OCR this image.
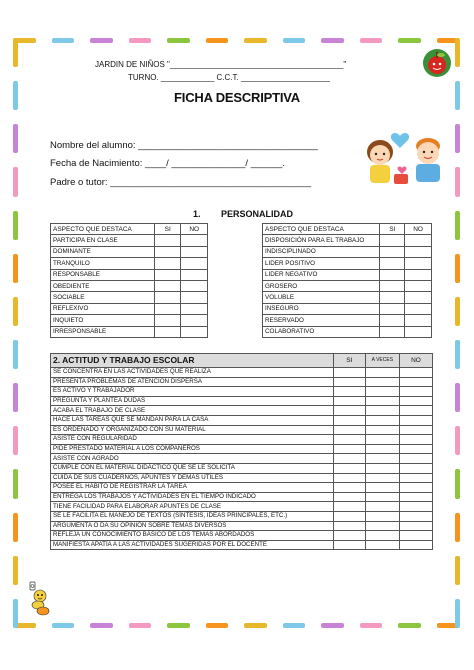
JARDIN DE NIÑOS "_______________________________________"
TURNO. ____________ C.C.T. ____________________
FICHA DESCRIPTIVA
Nombre del alumno: __________________________________
Fecha de Nacimiento: ____/ ______________/ ______.
Padre o tutor: ______________________________________
1. PERSONALIDAD
ASPECTO QUE DESTACA	SI	NO
PARTICIPA EN CLASE		
DOMINANTE		
TRANQUILO		
RESPONSABLE		
OBEDIENTE		
SOCIABLE		
REFLEXIVO		
INQUIETO		
IRRESPONSABLE		
ASPECTO QUE DESTACA	SI	NO
DISPOSICIÓN PARA EL TRABAJO		
INDISCIPLINADO		
LIDER POSITIVO		
LIDER NEGATIVO		
GROSERO		
VOLUBLE		
INSEGURO		
RESERVADO		
COLABORATIVO		
2. ACTITUD Y TRABAJO ESCOLAR	SI	A VECES	NO
SE CONCENTRA EN LAS ACTIVIDADES QUE REALIZA			
PRESENTA PROBLEMAS DE ATENCIÓN DISPERSA			
ES ACTIVO Y TRABAJADOR			
PREGUNTA Y PLANTEA DUDAS			
ACABA EL TRABAJO DE CLASE			
HACE LAS TAREAS QUE SE MANDAN PARA LA CASA			
ES ORDENADO Y ORGANIZADO CON SU MATERIAL			
ASISTE CON REGULARIDAD			
PIDE PRESTADO MATERIAL A LOS COMPAÑEROS			
ASISTE CON AGRADO			
CUMPLE CON EL MATERIAL DIDÁCTICO QUE SE LE SOLICITA			
CUIDA DE SUS CUADERNOS, APUNTES Y DEMAS UTILES			
POSEE EL HÁBITO DE REGISTRAR LA TAREA			
ENTREGA LOS TRABAJOS Y ACTIVIDADES EN EL TIEMPO INDICADO			
TIENE FACILIDAD PARA ELABORAR APUNTES DE CLASE			
SE LE FACILITA EL MANEJO DE TEXTOS (SÍNTESIS, IDEAS PRINCIPALES, ETC.)			
ARGUMENTA O DA SU OPINIÓN SOBRE TEMAS DIVERSOS			
REFLEJA UN CONOCIMIENTO BÁSICO DE LOS TEMAS ABORDADOS			
MANIFIESTA APATÍA A LAS ACTIVIDADES SUGERIDAS POR EL DOCENTE			
